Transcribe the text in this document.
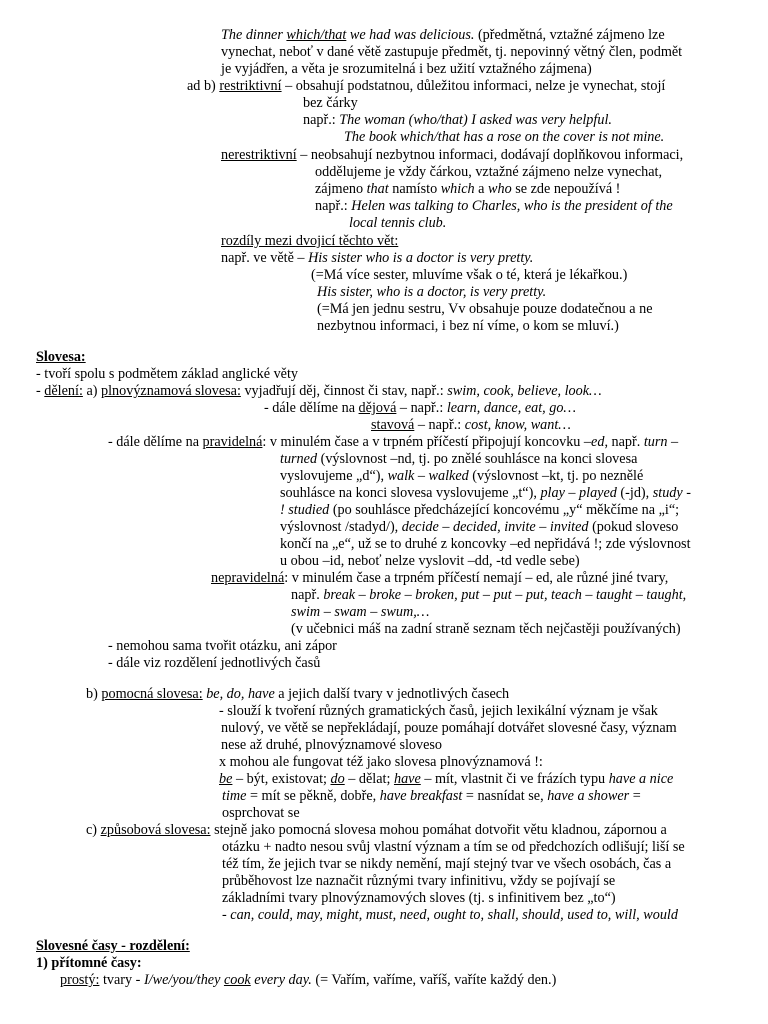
The dinner which/that we had was delicious. (předmětná, vztažné zájmeno lze
vynechat, neboť v dané větě zastupuje předmět, tj. nepovinný větný člen, podmět
je vyjádřen, a věta je srozumitelná i bez užití vztažného zájmena)
ad b) restriktivní – obsahují podstatnou, důležitou informaci, nelze je vynechat, stojí
bez čárky
např.: The woman (who/that) I asked was very helpful.
The book which/that has a rose on the cover is not mine.
nerestriktivní – neobsahují nezbytnou informaci, dodávají doplňkovou informaci,
oddělujeme je vždy čárkou, vztažné zájmeno nelze vynechat,
zájmeno that namísto which a who se zde nepoužívá !
např.: Helen was talking to Charles, who is the president of the
local tennis club.
rozdíly mezi dvojicí těchto vět:
např. ve větě – His sister who is a doctor is very pretty.
(=Má více sester, mluvíme však o té, která je lékařkou.)
His sister, who is a doctor, is very pretty.
(=Má jen jednu sestru, Vv obsahuje pouze dodatečnou a ne
nezbytnou informaci, i bez ní víme, o kom se mluví.)
Slovesa:
- tvoří spolu s podmětem základ anglické věty
- dělení: a) plnovýznamová slovesa: vyjadřují děj, činnost či stav, např.: swim, cook, believe, look…
- dále dělíme na dějová – např.: learn, dance, eat, go…
stavová – např.: cost, know, want…
- dále dělíme na pravidelná: v minulém čase a v trpném příčestí připojují koncovku –ed, např. turn –
turned (výslovnost –nd, tj. po znělé souhlásce na konci slovesa
vyslovujeme „d“), walk – walked (výslovnost –kt, tj. po neznělé
souhlásce na konci slovesa vyslovujeme „t“), play – played (-jd), study -
! studied (po souhlásce předcházející koncovému „y“ měkčíme na „i“;
výslovnost /stadyd/), decide – decided, invite – invited (pokud sloveso
končí na „e“, už se to druhé z koncovky –ed nepřidává !; zde výslovnost
u obou –id, neboť nelze vyslovit –dd, -td vedle sebe)
nepravidelná: v minulém čase a trpném příčestí nemají – ed, ale různé jiné tvary,
např. break – broke – broken, put – put – put, teach – taught – taught,
swim – swam – swum,…
(v učebnici máš na zadní straně seznam těch nejčastěji používaných)
- nemohou sama tvořit otázku, ani zápor
- dále viz rozdělení jednotlivých časů
b) pomocná slovesa: be, do, have a jejich další tvary v jednotlivých časech
- slouží k tvoření různých gramatických časů, jejich lexikální význam je však
nulový, ve větě se nepřekládají, pouze pomáhají dotvářet slovesné časy, význam
nese až druhé, plnovýznamové sloveso
x mohou ale fungovat též jako slovesa plnovýznamová !:
be – být, existovat; do – dělat; have – mít, vlastnit či ve frázích typu have a nice
time = mít se pěkně, dobře, have breakfast = nasnídat se, have a shower =
osprchovat se
c) způsobová slovesa: stejně jako pomocná slovesa mohou pomáhat dotvořit větu kladnou, zápornou a
otázku + nadto nesou svůj vlastní význam a tím se od předchozích odlišují; liší se
též tím, že jejich tvar se nikdy nemění, mají stejný tvar ve všech osobách, čas a
průběhovost lze naznačit různými tvary infinitivu, vždy se pojívají se
základními tvary plnovýznamových sloves (tj. s infinitivem bez „to“)
- can, could, may, might, must, need, ought to, shall, should, used to, will, would
Slovesné časy - rozdělení:
1) přítomné časy:
prostý: tvary - I/we/you/they cook every day. (= Vařím, vaříme, vaříš, vaříte každý den.)
